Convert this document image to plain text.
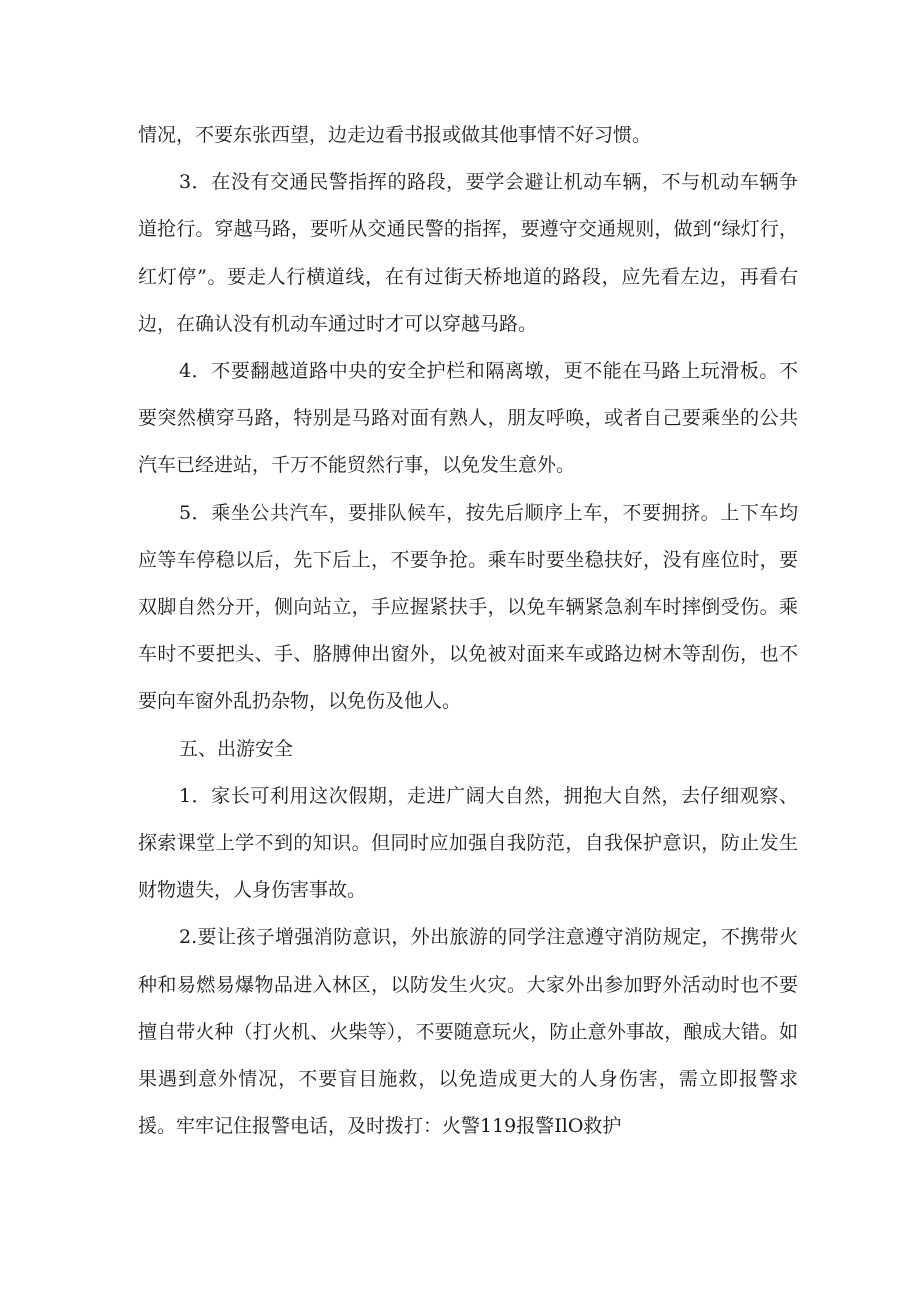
情况，不要东张西望，边走边看书报或做其他事情不好习惯。

3．在没有交通民警指挥的路段，要学会避让机动车辆，不与机动车辆争道抢行。穿越马路，要听从交通民警的指挥，要遵守交通规则，做到“绿灯行，红灯停”。要走人行横道线，在有过街天桥地道的路段，应先看左边，再看右边，在确认没有机动车通过时才可以穿越马路。

4．不要翻越道路中央的安全护栏和隔离墩，更不能在马路上玩滑板。不要突然横穿马路，特别是马路对面有熟人，朋友呼唤，或者自己要乘坐的公共汽车已经进站，千万不能贸然行事，以免发生意外。

5．乘坐公共汽车，要排队候车，按先后顺序上车，不要拥挤。上下车均应等车停稳以后，先下后上，不要争抢。乘车时要坐稳扶好，没有座位时，要双脚自然分开，侧向站立，手应握紧扶手，以免车辆紧急刹车时摔倒受伤。乘车时不要把头、手、胳膊伸出窗外，以免被对面来车或路边树木等刮伤，也不要向车窗外乱扔杂物，以免伤及他人。

五、出游安全

1．家长可利用这次假期，走进广阔大自然，拥抱大自然，去仔细观察、探索课堂上学不到的知识。但同时应加强自我防范，自我保护意识，防止发生财物遗失，人身伤害事故。

2.要让孩子增强消防意识，外出旅游的同学注意遵守消防规定，不携带火种和易燃易爆物品进入林区，以防发生火灾。大家外出参加野外活动时也不要擅自带火种（打火机、火柴等），不要随意玩火，防止意外事故，酿成大错。如果遇到意外情况，不要盲目施救，以免造成更大的人身伤害，需立即报警求援。牢牢记住报警电话，及时拨打：火警119报警IlO救护
